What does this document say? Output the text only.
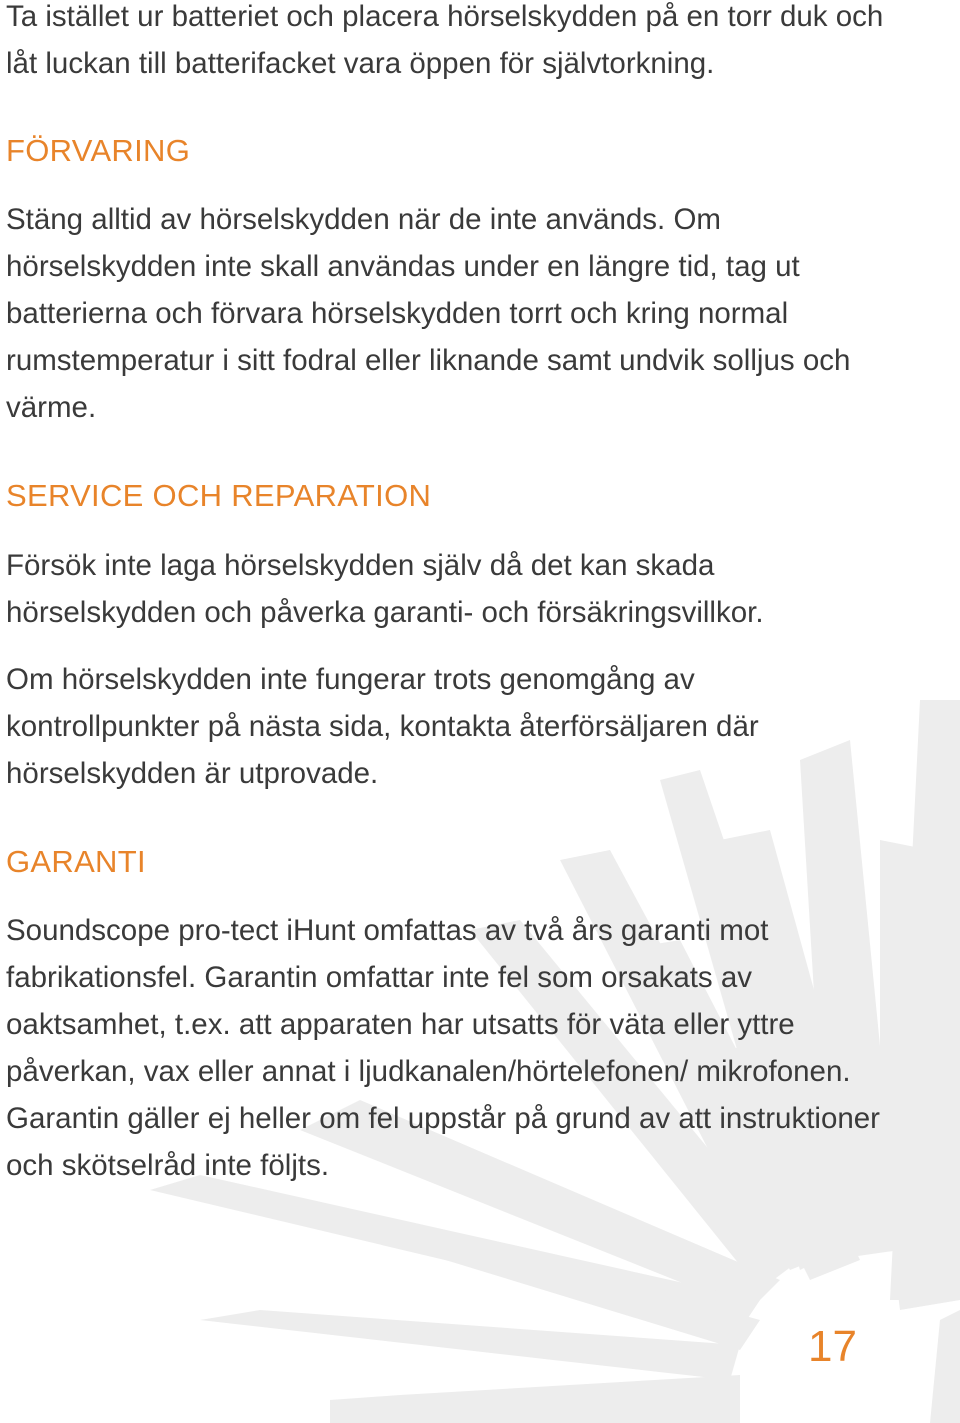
Ta istället ur batteriet och placera hörselskydden på en torr duk och låt luckan till batterifacket vara öppen för självtorkning.

FÖRVARING

Stäng alltid av hörselskydden när de inte används. Om hörselskydden inte skall användas under en längre tid, tag ut batterierna och förvara hörselskydden torrt och kring normal rumstemperatur i sitt fodral eller liknande samt undvik solljus och värme.

SERVICE OCH REPARATION

Försök inte laga hörselskydden själv då det kan skada hörselskydden och påverka garanti- och försäkringsvillkor.

Om hörselskydden inte fungerar trots genomgång av kontrollpunkter på nästa sida, kontakta återförsäljaren där hörselskydden är utprovade.

GARANTI

Soundscope pro-tect iHunt omfattas av två års garanti mot fabrikationsfel. Garantin omfattar inte fel som orsakats av oaktsamhet, t.ex. att apparaten har utsatts för väta eller yttre påverkan, vax eller annat i ljudkanalen/hörtelefonen/ mikrofonen. Garantin gäller ej heller om fel uppstår på grund av att instruktioner och skötselråd inte följts.

17
